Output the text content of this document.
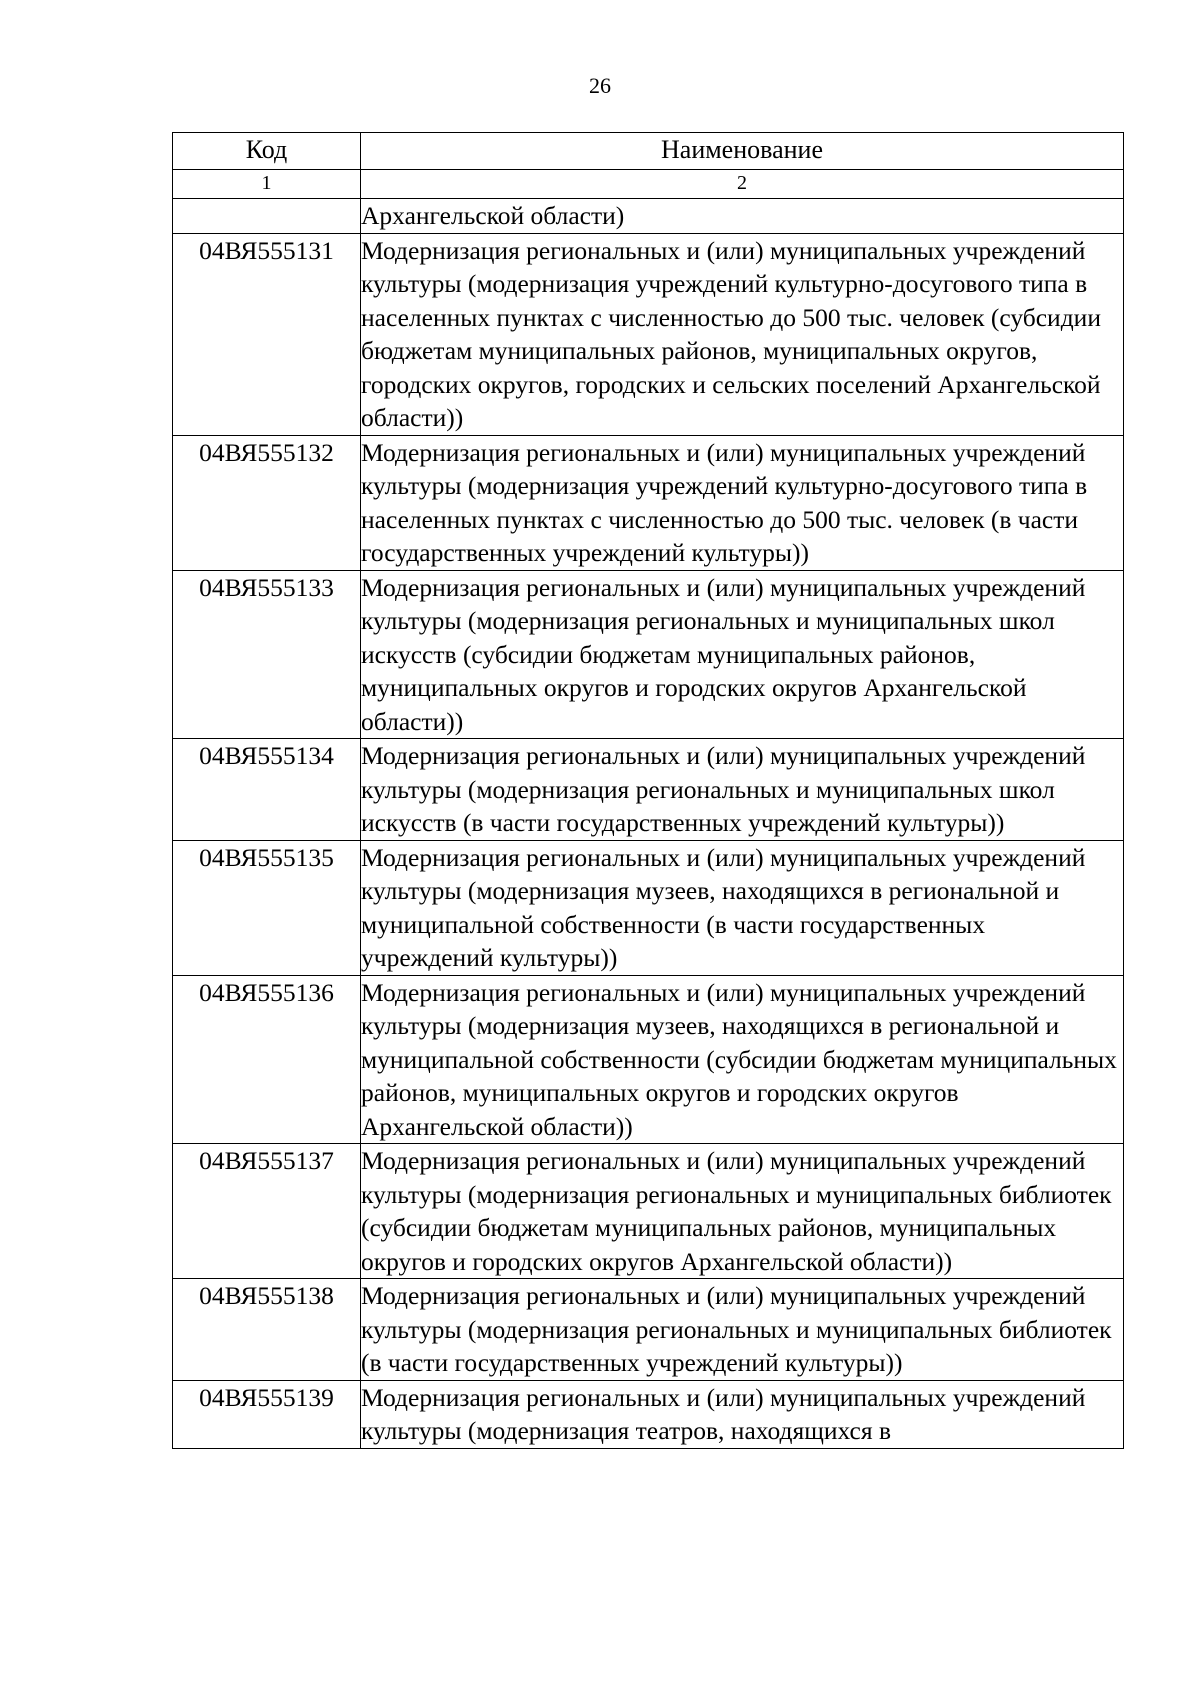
26
Код	Наименование
1	2
	Архангельской области)
04ВЯ555131	Модернизация региональных и (или) муниципальных учреждений культуры (модернизация учреждений культурно-досугового типа в населенных пунктах с численностью до 500 тыс. человек (субсидии бюджетам муниципальных районов, муниципальных округов, городских округов, городских и сельских поселений Архангельской области))
04ВЯ555132	Модернизация региональных и (или) муниципальных учреждений культуры (модернизация учреждений культурно-досугового типа в населенных пунктах с численностью до 500 тыс. человек (в части государственных учреждений культуры))
04ВЯ555133	Модернизация региональных и (или) муниципальных учреждений культуры (модернизация региональных и муниципальных школ искусств (субсидии бюджетам муниципальных районов, муниципальных округов и городских округов Архангельской области))
04ВЯ555134	Модернизация региональных и (или) муниципальных учреждений культуры (модернизация региональных и муниципальных школ искусств (в части государственных учреждений культуры))
04ВЯ555135	Модернизация региональных и (или) муниципальных учреждений культуры (модернизация музеев, находящихся в региональной и муниципальной собственности (в части государственных учреждений культуры))
04ВЯ555136	Модернизация региональных и (или) муниципальных учреждений культуры (модернизация музеев, находящихся в региональной и муниципальной собственности (субсидии бюджетам муниципальных районов, муниципальных округов и городских округов Архангельской области))
04ВЯ555137	Модернизация региональных и (или) муниципальных учреждений культуры (модернизация региональных и муниципальных библиотек (субсидии бюджетам муниципальных районов, муниципальных округов и городских округов Архангельской области))
04ВЯ555138	Модернизация региональных и (или) муниципальных учреждений культуры (модернизация региональных и муниципальных библиотек (в части государственных учреждений культуры))
04ВЯ555139	Модернизация региональных и (или) муниципальных учреждений культуры (модернизация театров, находящихся в
